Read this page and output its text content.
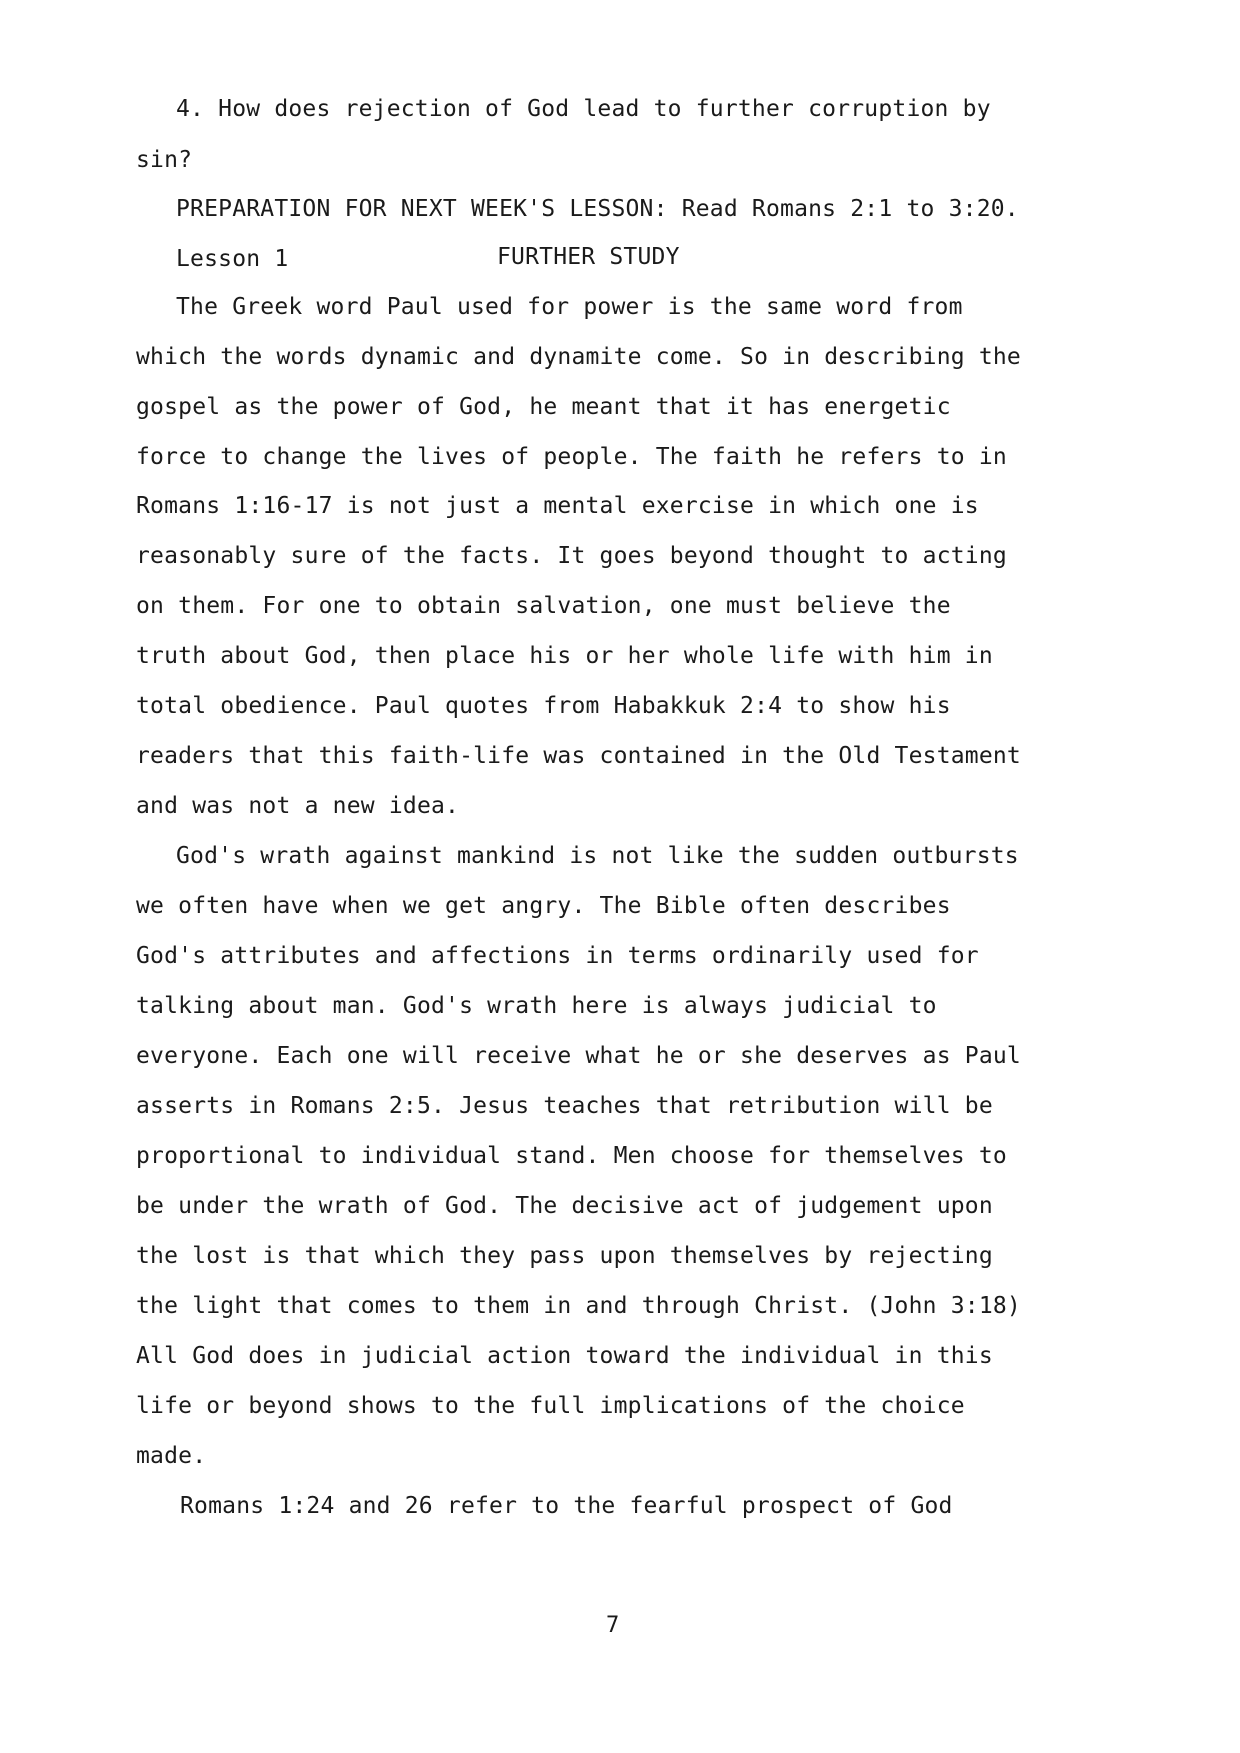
4. How does rejection of God lead to further corruption by
sin?
PREPARATION FOR NEXT WEEK'S LESSON: Read Romans 2:1 to 3:20.
Lesson 1	FURTHER STUDY
The Greek word Paul used for power is the same word from
which the words dynamic and dynamite come. So in describing the
gospel as the power of God, he meant that it has energetic
force to change the lives of people. The faith he refers to in
Romans 1:16-17 is not just a mental exercise in which one is
reasonably sure of the facts. It goes beyond thought to acting
on them. For one to obtain salvation, one must believe the
truth about God, then place his or her whole life with him in
total obedience. Paul quotes from Habakkuk 2:4 to show his
readers that this faith-life was contained in the Old Testament
and was not a new idea.
God's wrath against mankind is not like the sudden outbursts
we often have when we get angry. The Bible often describes
God's attributes and affections in terms ordinarily used for
talking about man. God's wrath here is always judicial to
everyone. Each one will receive what he or she deserves as Paul
asserts in Romans 2:5. Jesus teaches that retribution will be
proportional to individual stand. Men choose for themselves to
be under the wrath of God. The decisive act of judgement upon
the lost is that which they pass upon themselves by rejecting
the light that comes to them in and through Christ. (John 3:18)
All God does in judicial action toward the individual in this
life or beyond shows to the full implications of the choice
made.
Romans 1:24 and 26 refer to the fearful prospect of God
7
